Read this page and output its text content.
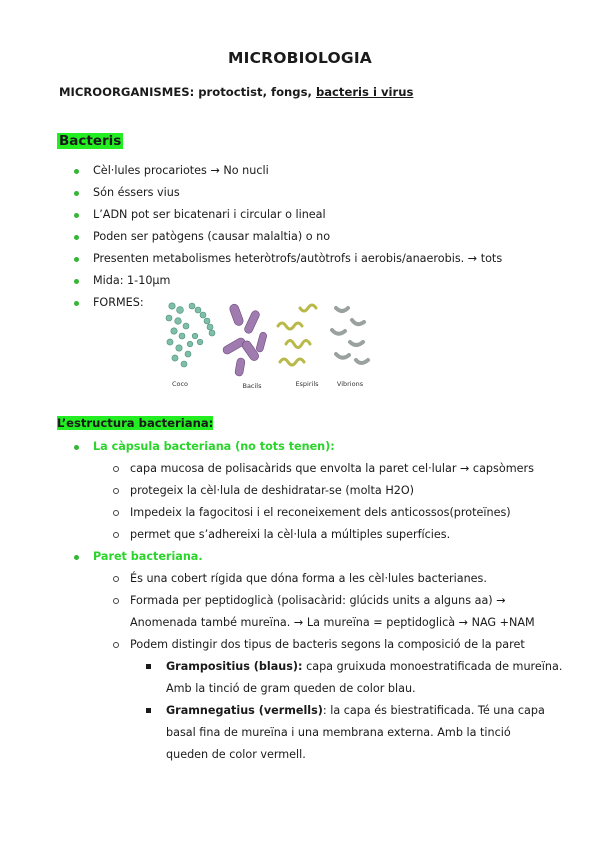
MICROBIOLOGIA
MICROORGANISMES: protoctist, fongs, bacteris i virus
Bacteris
Cèl·lules procariotes → No nucli
Són éssers vius
L’ADN pot ser bicatenari i circular o lineal
Poden ser patògens (causar malaltia) o no
Presenten metabolismes heteròtrofs/autòtrofs i aerobis/anaerobis. → tots
Mida: 1-10µm
FORMES:
Coco	Bacils	Espirils	Vibrions
L’estructura bacteriana:
La càpsula bacteriana (no tots tenen):
capa mucosa de polisacàrids que envolta la paret cel·lular → capsòmers
protegeix la cèl·lula de deshidratar-se (molta H2O)
Impedeix la fagocitosi i el reconeixement dels anticossos(proteïnes)
permet que s’adhereixi la cèl·lula a múltiples superfícies.
Paret bacteriana.
És una cobert rígida que dóna forma a les cèl·lules bacterianes.
Formada per peptidoglicà (polisacàrid: glúcids units a alguns aa) →
Anomenada també mureïna. → La mureïna = peptidoglicà → NAG +NAM
Podem distingir dos tipus de bacteris segons la composició de la paret
Grampositius (blaus): capa gruixuda monoestratificada de mureïna.
Amb la tinció de gram queden de color blau.
Gramnegatius (vermells): la capa és biestratificada. Té una capa
basal fina de mureïna i una membrana externa. Amb la tinció
queden de color vermell.
